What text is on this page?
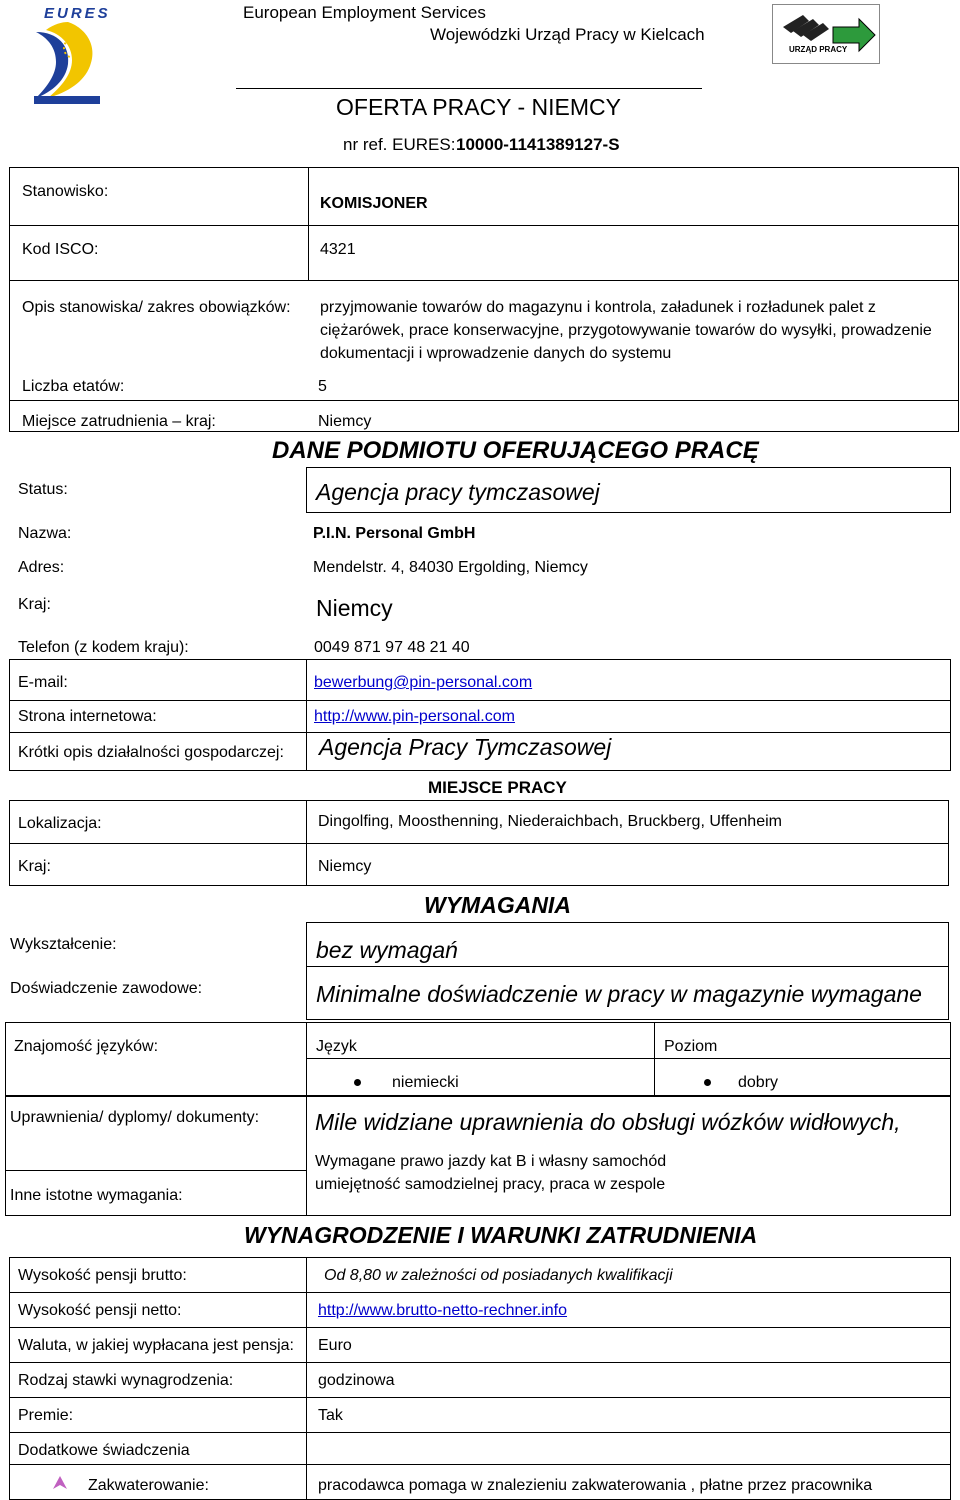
EURES	European Employment Services
Wojewódzki Urząd Pracy w Kielcach
URZĄD PRACY
OFERTA PRACY - NIEMCY
nr ref. EURES: 10000-1141389127-S
Stanowisko:
KOMISJONER
Kod ISCO:	4321
Opis stanowiska/ zakres obowiązków: przyjmowanie towarów do magazynu i kontrola, załadunek i rozładunek palet z ciężarówek, prace konserwacyjne, przygotowywanie towarów do wysyłki, prowadzenie dokumentacji i wprowadzenie danych do systemu
Liczba etatów:	5
Miejsce zatrudnienia – kraj:	Niemcy
DANE PODMIOTU OFERUJĄCEGO PRACĘ
Status:	Agencja pracy tymczasowej
Nazwa:	P.I.N. Personal GmbH
Adres:	Mendelstr. 4, 84030 Ergolding, Niemcy
Kraj:	Niemcy
Telefon (z kodem kraju):	0049 871 97 48 21 40
E-mail:	bewerbung@pin-personal.com
Strona internetowa:	http://www.pin-personal.com
Krótki opis działalności gospodarczej: Agencja Pracy Tymczasowej
MIEJSCE PRACY
Lokalizacja:	Dingolfing, Moosthenning, Niederaichbach, Bruckberg, Uffenheim
Kraj:	Niemcy
WYMAGANIA
Wykształcenie:	bez wymagań
Doświadczenie zawodowe:	Minimalne doświadczenie w pracy w magazynie wymagane
Znajomość języków:	Język	Poziom
niemiecki	dobry
Uprawnienia/ dyplomy/ dokumenty: Mile widziane uprawnienia do obsługi wózków widłowych,
Inne istotne wymagania:
Wymagane prawo jazdy kat B i własny samochód
umiejętność samodzielnej pracy, praca w zespole
WYNAGRODZENIE I WARUNKI ZATRUDNIENIA
Wysokość pensji brutto:	Od 8,80 w zależności od posiadanych kwalifikacji
Wysokość pensji netto:	http://www.brutto-netto-rechner.info
Waluta, w jakiej wypłacana jest pensja: Euro
Rodzaj stawki wynagrodzenia:	godzinowa
Premie:	Tak
Dodatkowe świadczenia
Zakwaterowanie:	pracodawca pomaga w znalezieniu zakwaterowania , płatne przez pracownika
